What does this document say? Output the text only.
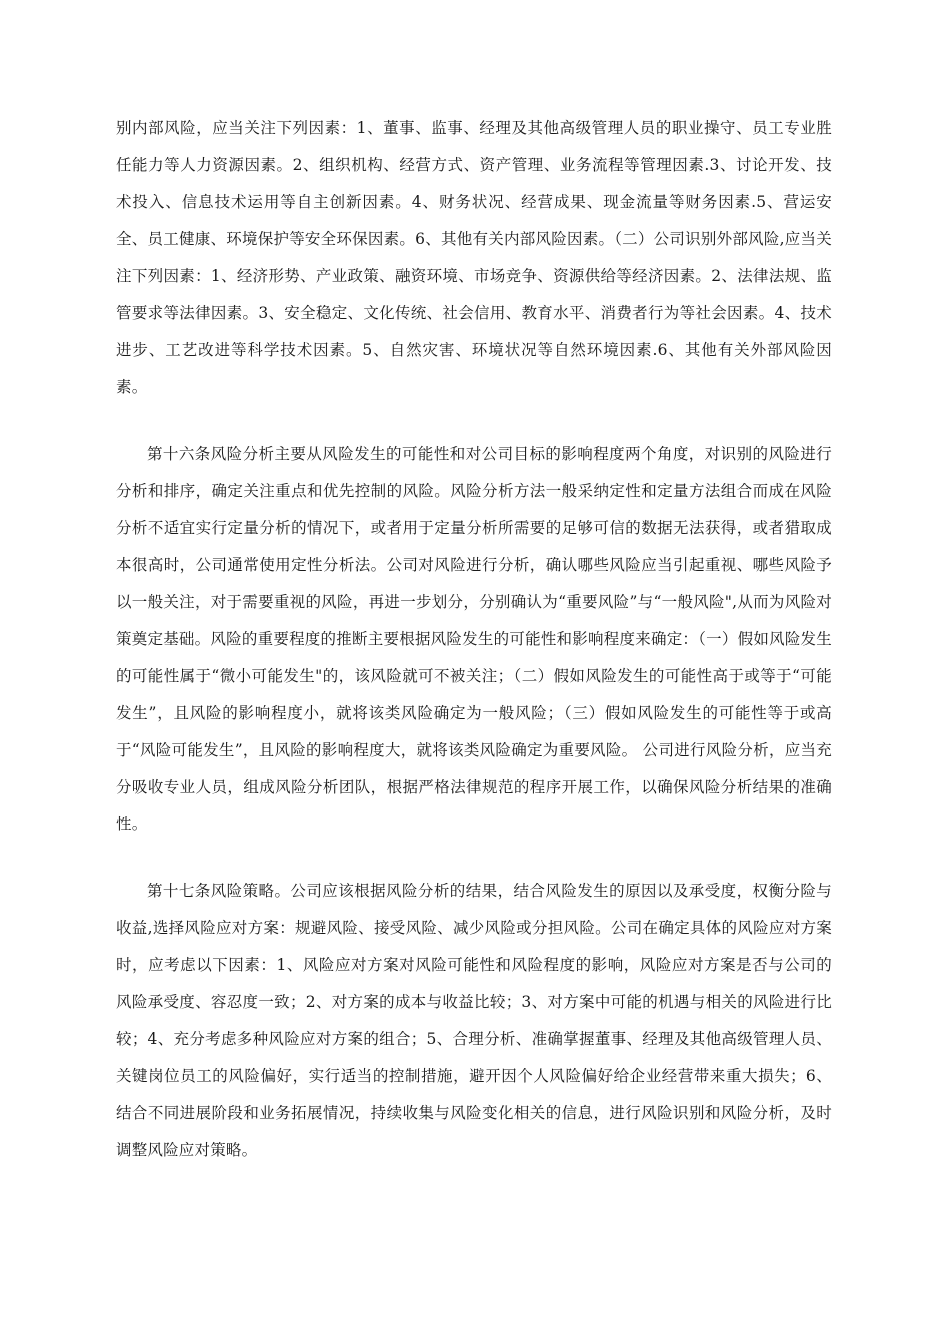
别内部风险，应当关注下列因素：1、董事、监事、经理及其他高级管理人员的职业操守、员工专业胜任能力等人力资源因素。2、组织机构、经营方式、资产管理、业务流程等管理因素.3、讨论开发、技术投入、信息技术运用等自主创新因素。4、财务状况、经营成果、现金流量等财务因素.5、营运安全、员工健康、环境保护等安全环保因素。6、其他有关内部风险因素。（二）公司识别外部风险,应当关注下列因素：1、经济形势、产业政策、融资环境、市场竞争、资源供给等经济因素。2、法律法规、监管要求等法律因素。3、安全稳定、文化传统、社会信用、教育水平、消费者行为等社会因素。4、技术进步、工艺改进等科学技术因素。5、自然灾害、环境状况等自然环境因素.6、其他有关外部风险因素。

第十六条风险分析主要从风险发生的可能性和对公司目标的影响程度两个角度，对识别的风险进行分析和排序，确定关注重点和优先控制的风险。风险分析方法一般采纳定性和定量方法组合而成在风险分析不适宜实行定量分析的情况下，或者用于定量分析所需要的足够可信的数据无法获得，或者猎取成本很高时，公司通常使用定性分析法。公司对风险进行分析，确认哪些风险应当引起重视、哪些风险予以一般关注，对于需要重视的风险，再进一步划分，分别确认为“重要风险”与“一般风险",从而为风险对策奠定基础。风险的重要程度的推断主要根据风险发生的可能性和影响程度来确定：（一）假如风险发生的可能性属于“微小可能发生"的，该风险就可不被关注；（二）假如风险发生的可能性高于或等于“可能发生”，且风险的影响程度小，就将该类风险确定为一般风险；（三）假如风险发生的可能性等于或高于“风险可能发生”，且风险的影响程度大，就将该类风险确定为重要风险。 公司进行风险分析，应当充分吸收专业人员，组成风险分析团队，根据严格法律规范的程序开展工作，以确保风险分析结果的准确性。

第十七条风险策略。公司应该根据风险分析的结果，结合风险发生的原因以及承受度，权衡分险与收益,选择风险应对方案：规避风险、接受风险、减少风险或分担风险。公司在确定具体的风险应对方案时，应考虑以下因素：1、风险应对方案对风险可能性和风险程度的影响，风险应对方案是否与公司的风险承受度、容忍度一致；2、对方案的成本与收益比较；3、对方案中可能的机遇与相关的风险进行比较；4、充分考虑多种风险应对方案的组合；5、合理分析、准确掌握董事、经理及其他高级管理人员、关键岗位员工的风险偏好，实行适当的控制措施，避开因个人风险偏好给企业经营带来重大损失；6、结合不同进展阶段和业务拓展情况，持续收集与风险变化相关的信息，进行风险识别和风险分析，及时调整风险应对策略。
